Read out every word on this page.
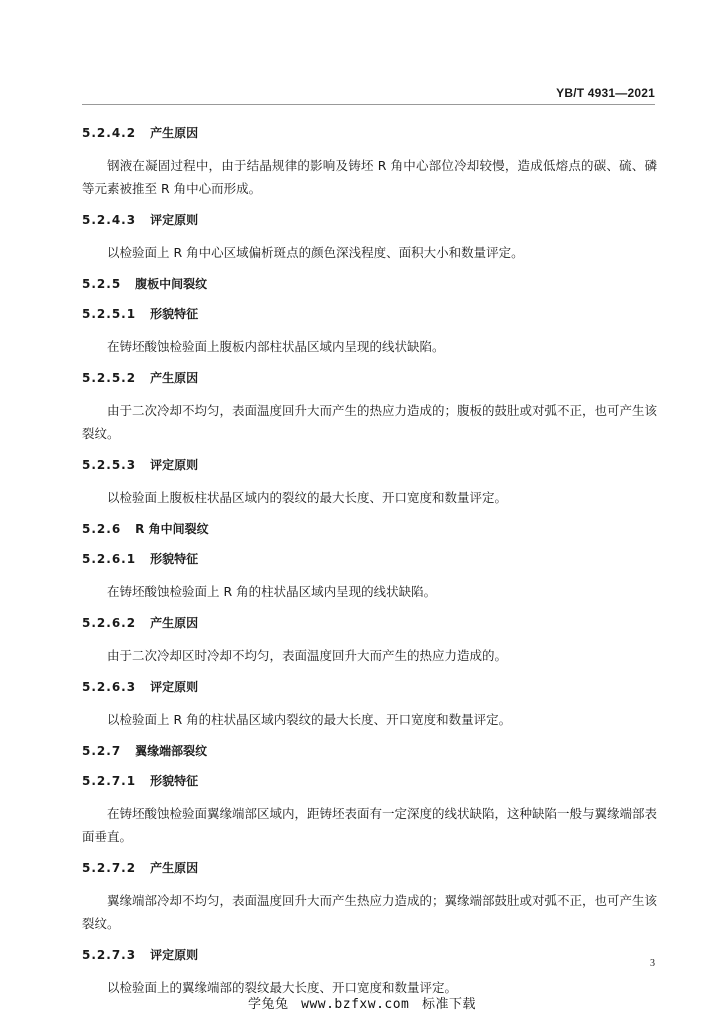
YB/T 4931—2021
5.2.4.2 产生原因

钢液在凝固过程中，由于结晶规律的影响及铸坯 R 角中心部位冷却较慢，造成低熔点的碳、硫、磷等元素被推至 R 角中心而形成。

5.2.4.3 评定原则

以检验面上 R 角中心区域偏析斑点的颜色深浅程度、面积大小和数量评定。

5.2.5 腹板中间裂纹
5.2.5.1 形貌特征

在铸坯酸蚀检验面上腹板内部柱状晶区域内呈现的线状缺陷。

5.2.5.2 产生原因

由于二次冷却不均匀，表面温度回升大而产生的热应力造成的；腹板的鼓肚或对弧不正，也可产生该裂纹。

5.2.5.3 评定原则

以检验面上腹板柱状晶区域内的裂纹的最大长度、开口宽度和数量评定。

5.2.6 R 角中间裂纹
5.2.6.1 形貌特征

在铸坯酸蚀检验面上 R 角的柱状晶区域内呈现的线状缺陷。

5.2.6.2 产生原因

由于二次冷却区时冷却不均匀，表面温度回升大而产生的热应力造成的。

5.2.6.3 评定原则

以检验面上 R 角的柱状晶区域内裂纹的最大长度、开口宽度和数量评定。

5.2.7 翼缘端部裂纹
5.2.7.1 形貌特征

在铸坯酸蚀检验面翼缘端部区域内，距铸坯表面有一定深度的线状缺陷，这种缺陷一般与翼缘端部表面垂直。

5.2.7.2 产生原因

翼缘端部冷却不均匀，表面温度回升大而产生热应力造成的；翼缘端部鼓肚或对弧不正，也可产生该裂纹。

5.2.7.3 评定原则

以检验面上的翼缘端部的裂纹最大长度、开口宽度和数量评定。

3
学兔兔 www.bzfxw.com 标准下载
